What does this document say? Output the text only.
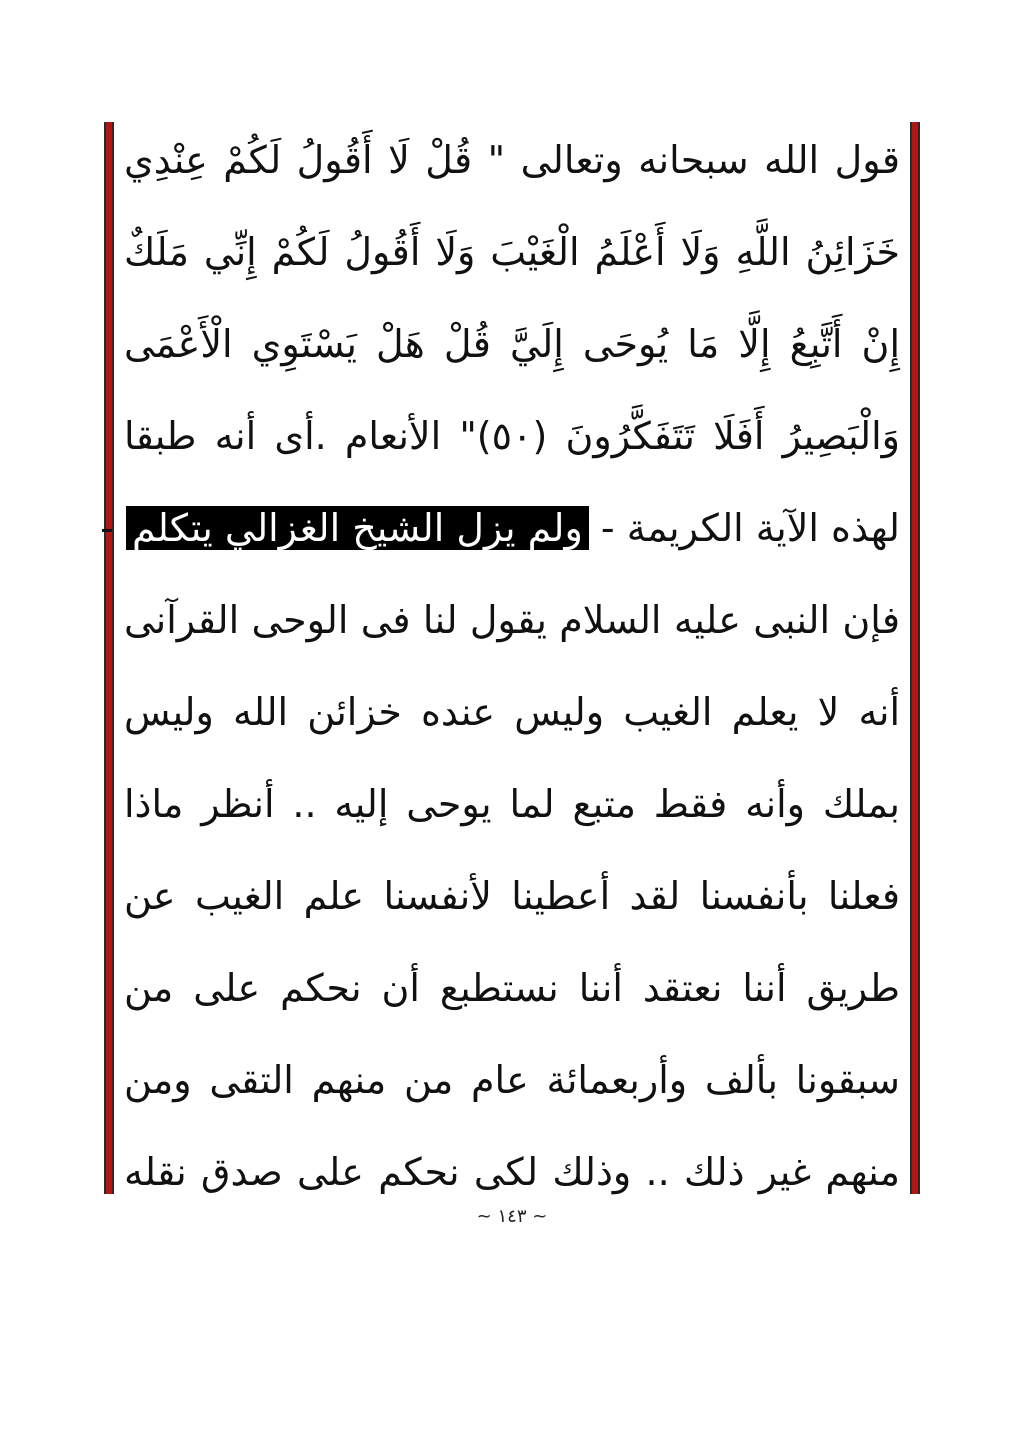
قول الله سبحانه وتعالى " قُلْ لَا أَقُولُ لَكُمْ عِنْدِي
خَزَائِنُ اللَّهِ وَلَا أَعْلَمُ الْغَيْبَ وَلَا أَقُولُ لَكُمْ إِنِّي مَلَكٌ
إِنْ أَتَّبِعُ إِلَّا مَا يُوحَى إِلَيَّ قُلْ هَلْ يَسْتَوِي الْأَعْمَى
وَالْبَصِيرُ أَفَلَا تَتَفَكَّرُونَ (٥٠)" الأنعام .أى أنه طبقا
لهذه الآية الكريمة - ولم يزل الشيخ الغزالي يتكلم -
فإن النبى عليه السلام يقول لنا فى الوحى القرآنى
أنه لا يعلم الغيب وليس عنده خزائن الله وليس
بملك وأنه فقط متبع لما يوحى إليه .. أنظر ماذا
فعلنا بأنفسنا لقد أعطينا لأنفسنا علم الغيب عن
طريق أننا نعتقد أننا نستطبع أن نحكم على من
سبقونا بألف وأربعمائة عام من منهم التقى ومن
منهم غير ذلك .. وذلك لكى نحكم على صدق نقله
~ ١٤٣ ~
